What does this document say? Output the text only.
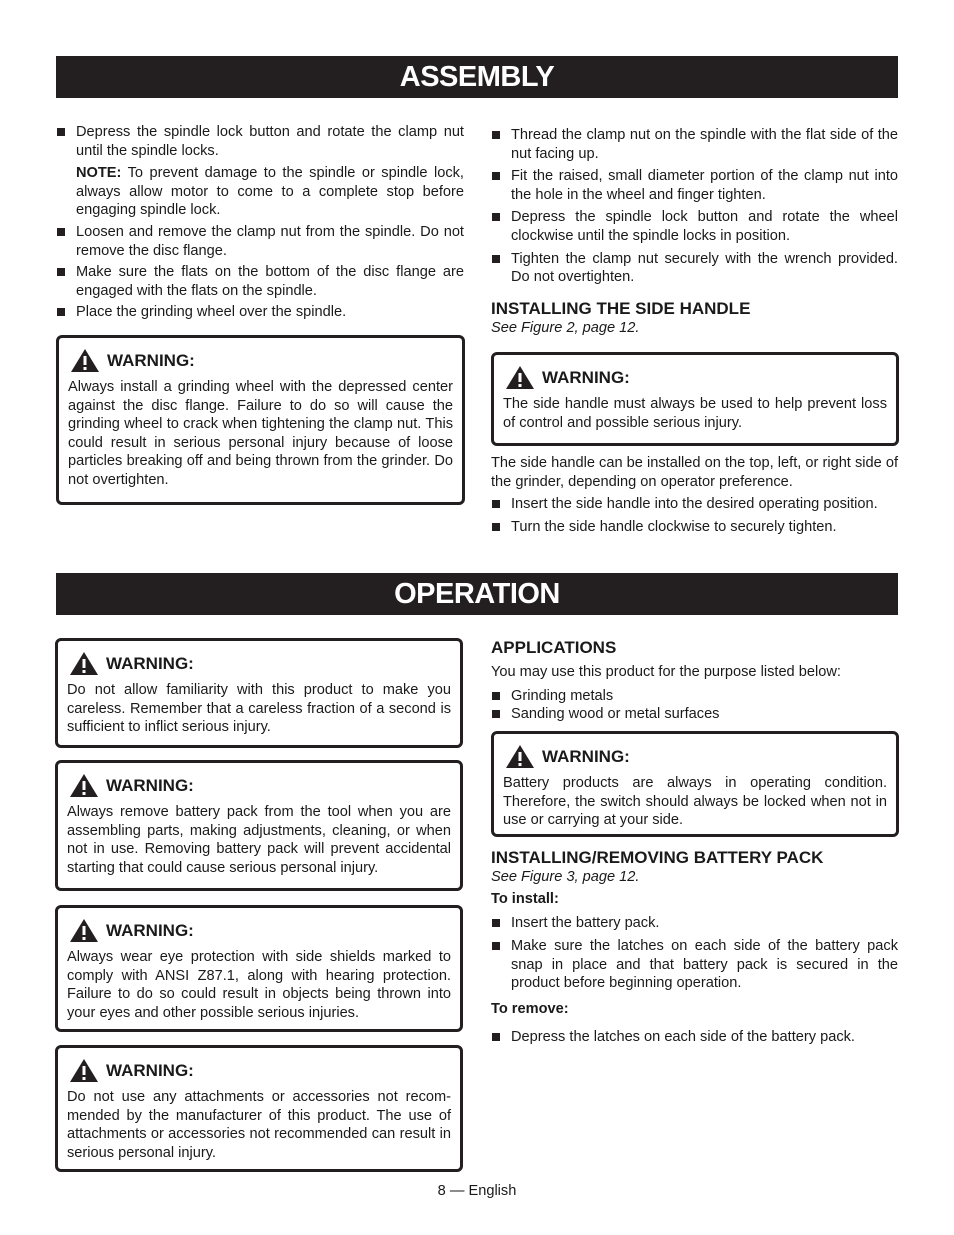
ASSEMBLY
Depress the spindle lock button and rotate the clamp nut until the spindle locks.
NOTE: To prevent damage to the spindle or spindle lock, always allow motor to come to a complete stop before engaging spindle lock.
Loosen and remove the clamp nut from the spindle. Do not remove the disc flange.
Make sure the flats on the bottom of the disc flange are engaged with the flats on the spindle.
Place the grinding wheel over the spindle.
WARNING:
Always install a grinding wheel with the depressed center against the disc flange. Failure to do so will cause the grinding wheel to crack when tightening the clamp nut. This could result in serious personal injury because of loose particles breaking off and being thrown from the grinder. Do not overtighten.
Thread the clamp nut on the spindle with the flat side of the nut facing up.
Fit the raised, small diameter portion of the clamp nut into the hole in the wheel and finger tighten.
Depress the spindle lock button and rotate the wheel clockwise until the spindle locks in position.
Tighten the clamp nut securely with the wrench provided. Do not overtighten.
INSTALLING THE SIDE HANDLE
See Figure 2, page 12.
WARNING:
The side handle must always be used to help prevent loss of control and possible serious injury.
The side handle can be installed on the top, left, or right side of the grinder, depending on operator preference.
Insert the side handle into the desired operating position.
Turn the side handle clockwise to securely tighten.
OPERATION
WARNING:
Do not allow familiarity with this product to make you careless. Remember that a careless fraction of a second is sufficient to inflict serious injury.
WARNING:
Always remove battery pack from the tool when you are assembling parts, making adjustments, cleaning, or when not in use. Removing battery pack will prevent accidental starting that could cause serious personal injury.
WARNING:
Always wear eye protection with side shields marked to comply with ANSI Z87.1, along with hearing protection. Failure to do so could result in objects being thrown into your eyes and other possible serious injuries.
WARNING:
Do not use any attachments or accessories not recom-mended by the manufacturer of this product. The use of attachments or accessories not recommended can result in serious personal injury.
APPLICATIONS
You may use this product for the purpose listed below:
Grinding metals
Sanding wood or metal surfaces
WARNING:
Battery products are always in operating condition. Therefore, the switch should always be locked when not in use or carrying at your side.
INSTALLING/REMOVING BATTERY PACK
See Figure 3, page 12.
To install:
Insert the battery pack.
Make sure the latches on each side of the battery pack snap in place and that battery pack is secured in the product before beginning operation.
To remove:
Depress the latches on each side of the battery pack.
8 — English
